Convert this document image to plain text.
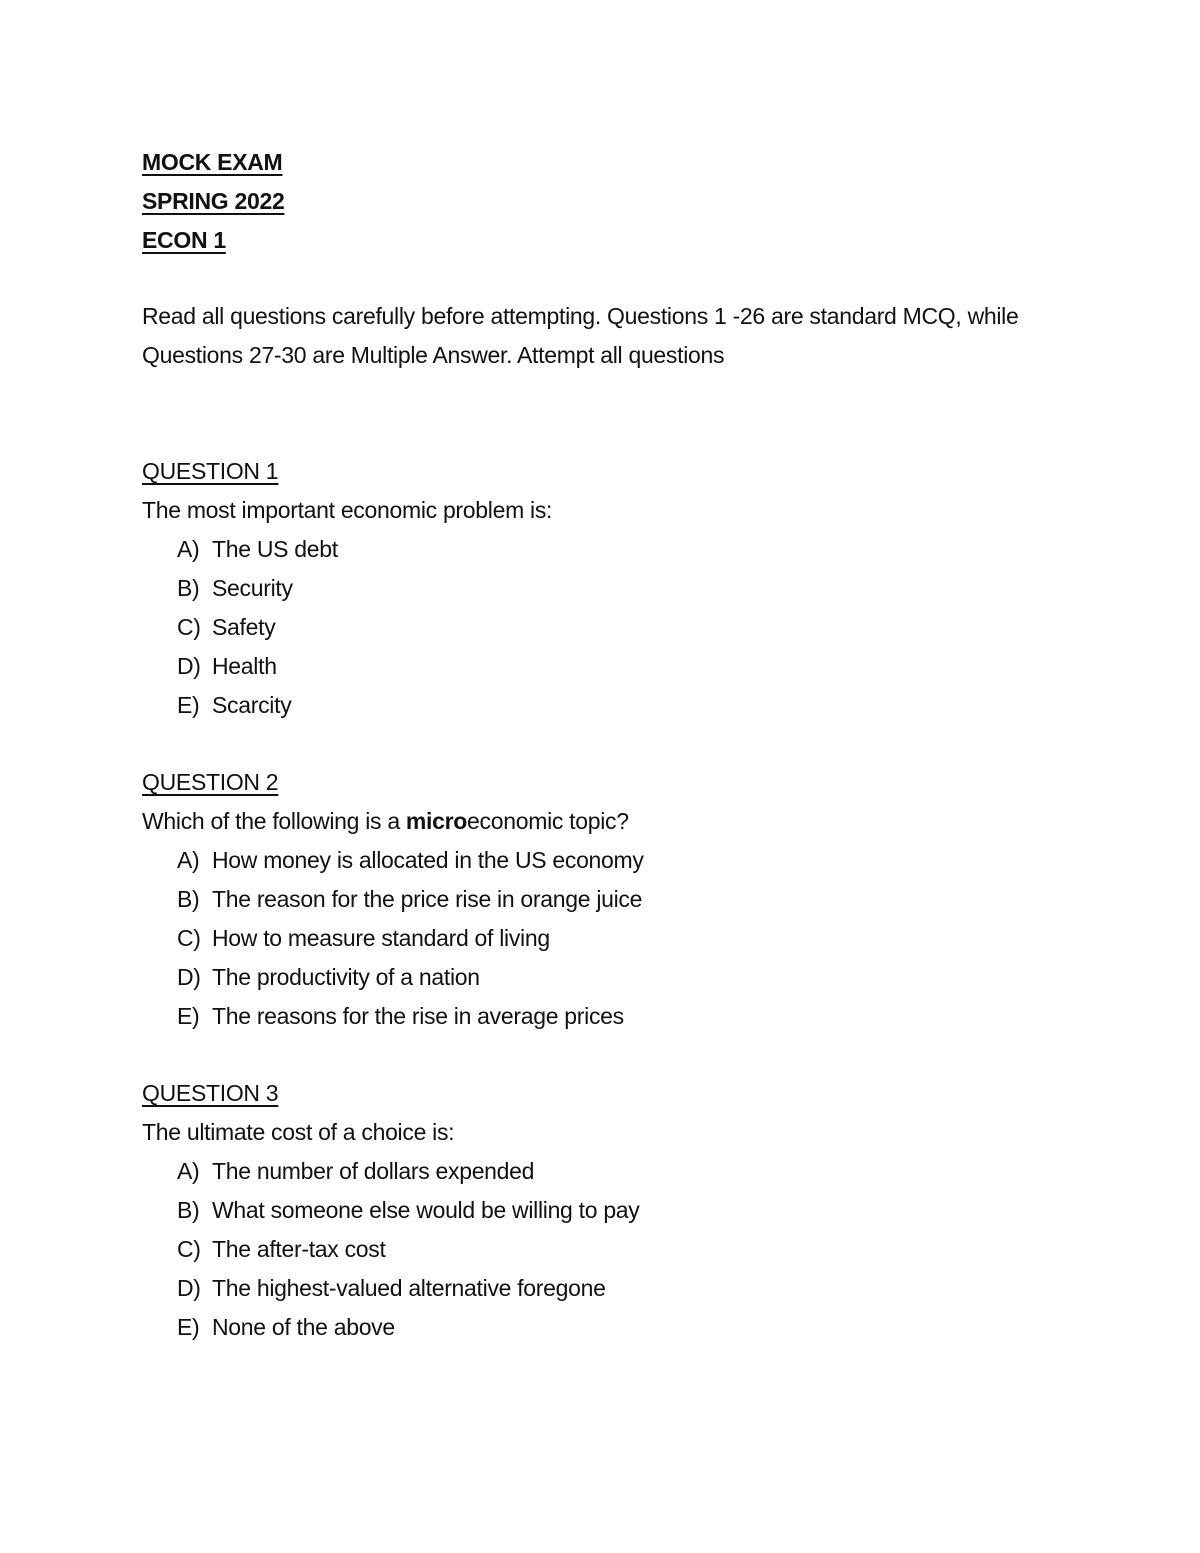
MOCK EXAM
SPRING 2022
ECON 1
Read all questions carefully before attempting. Questions 1 -26 are standard MCQ, while Questions 27-30 are Multiple Answer. Attempt all questions
QUESTION 1
The most important economic problem is:
A) The US debt
B) Security
C) Safety
D) Health
E) Scarcity
QUESTION 2
Which of the following is a microeconomic topic?
A) How money is allocated in the US economy
B) The reason for the price rise in orange juice
C) How to measure standard of living
D) The productivity of a nation
E) The reasons for the rise in average prices
QUESTION 3
The ultimate cost of a choice is:
A) The number of dollars expended
B) What someone else would be willing to pay
C) The after-tax cost
D) The highest-valued alternative foregone
E) None of the above
